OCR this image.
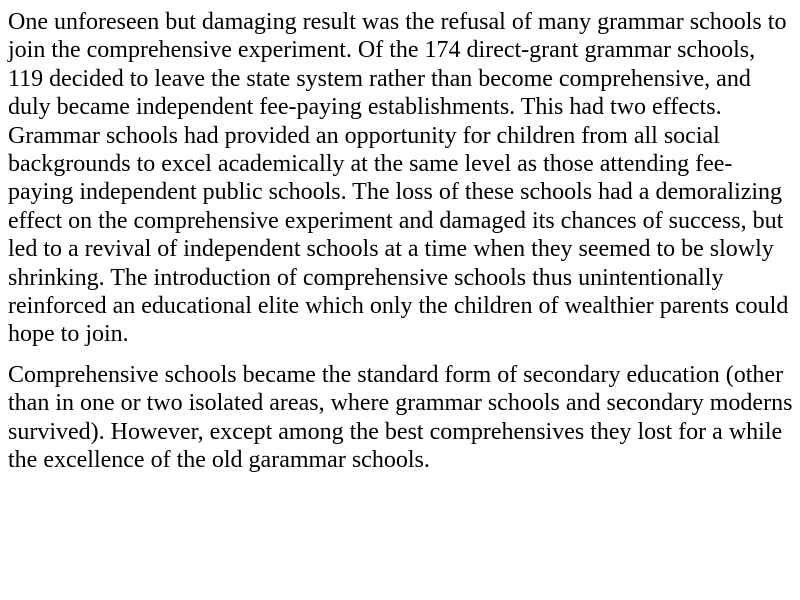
One unforeseen but damaging result was the refusal of many grammar schools to join the comprehensive experiment. Of the 174 direct-grant grammar schools, 119 decided to leave the state system rather than become comprehensive, and duly became independent fee-paying establishments. This had two effects. Grammar schools had provided an opportunity for children from all social backgrounds to excel academically at the same level as those attending fee-paying independent public schools. The loss of these schools had a demoralizing effect on the comprehensive experiment and damaged its chances of success, but led to a revival of independent schools at a time when they seemed to be slowly shrinking. The introduction of comprehensive schools thus unintentionally reinforced an educational elite which only the children of wealthier parents could hope to join.

Comprehensive schools became the standard form of secondary education (other than in one or two isolated areas, where grammar schools and secondary moderns survived). However, except among the best comprehensives they lost for a while the excellence of the old garammar schools.
